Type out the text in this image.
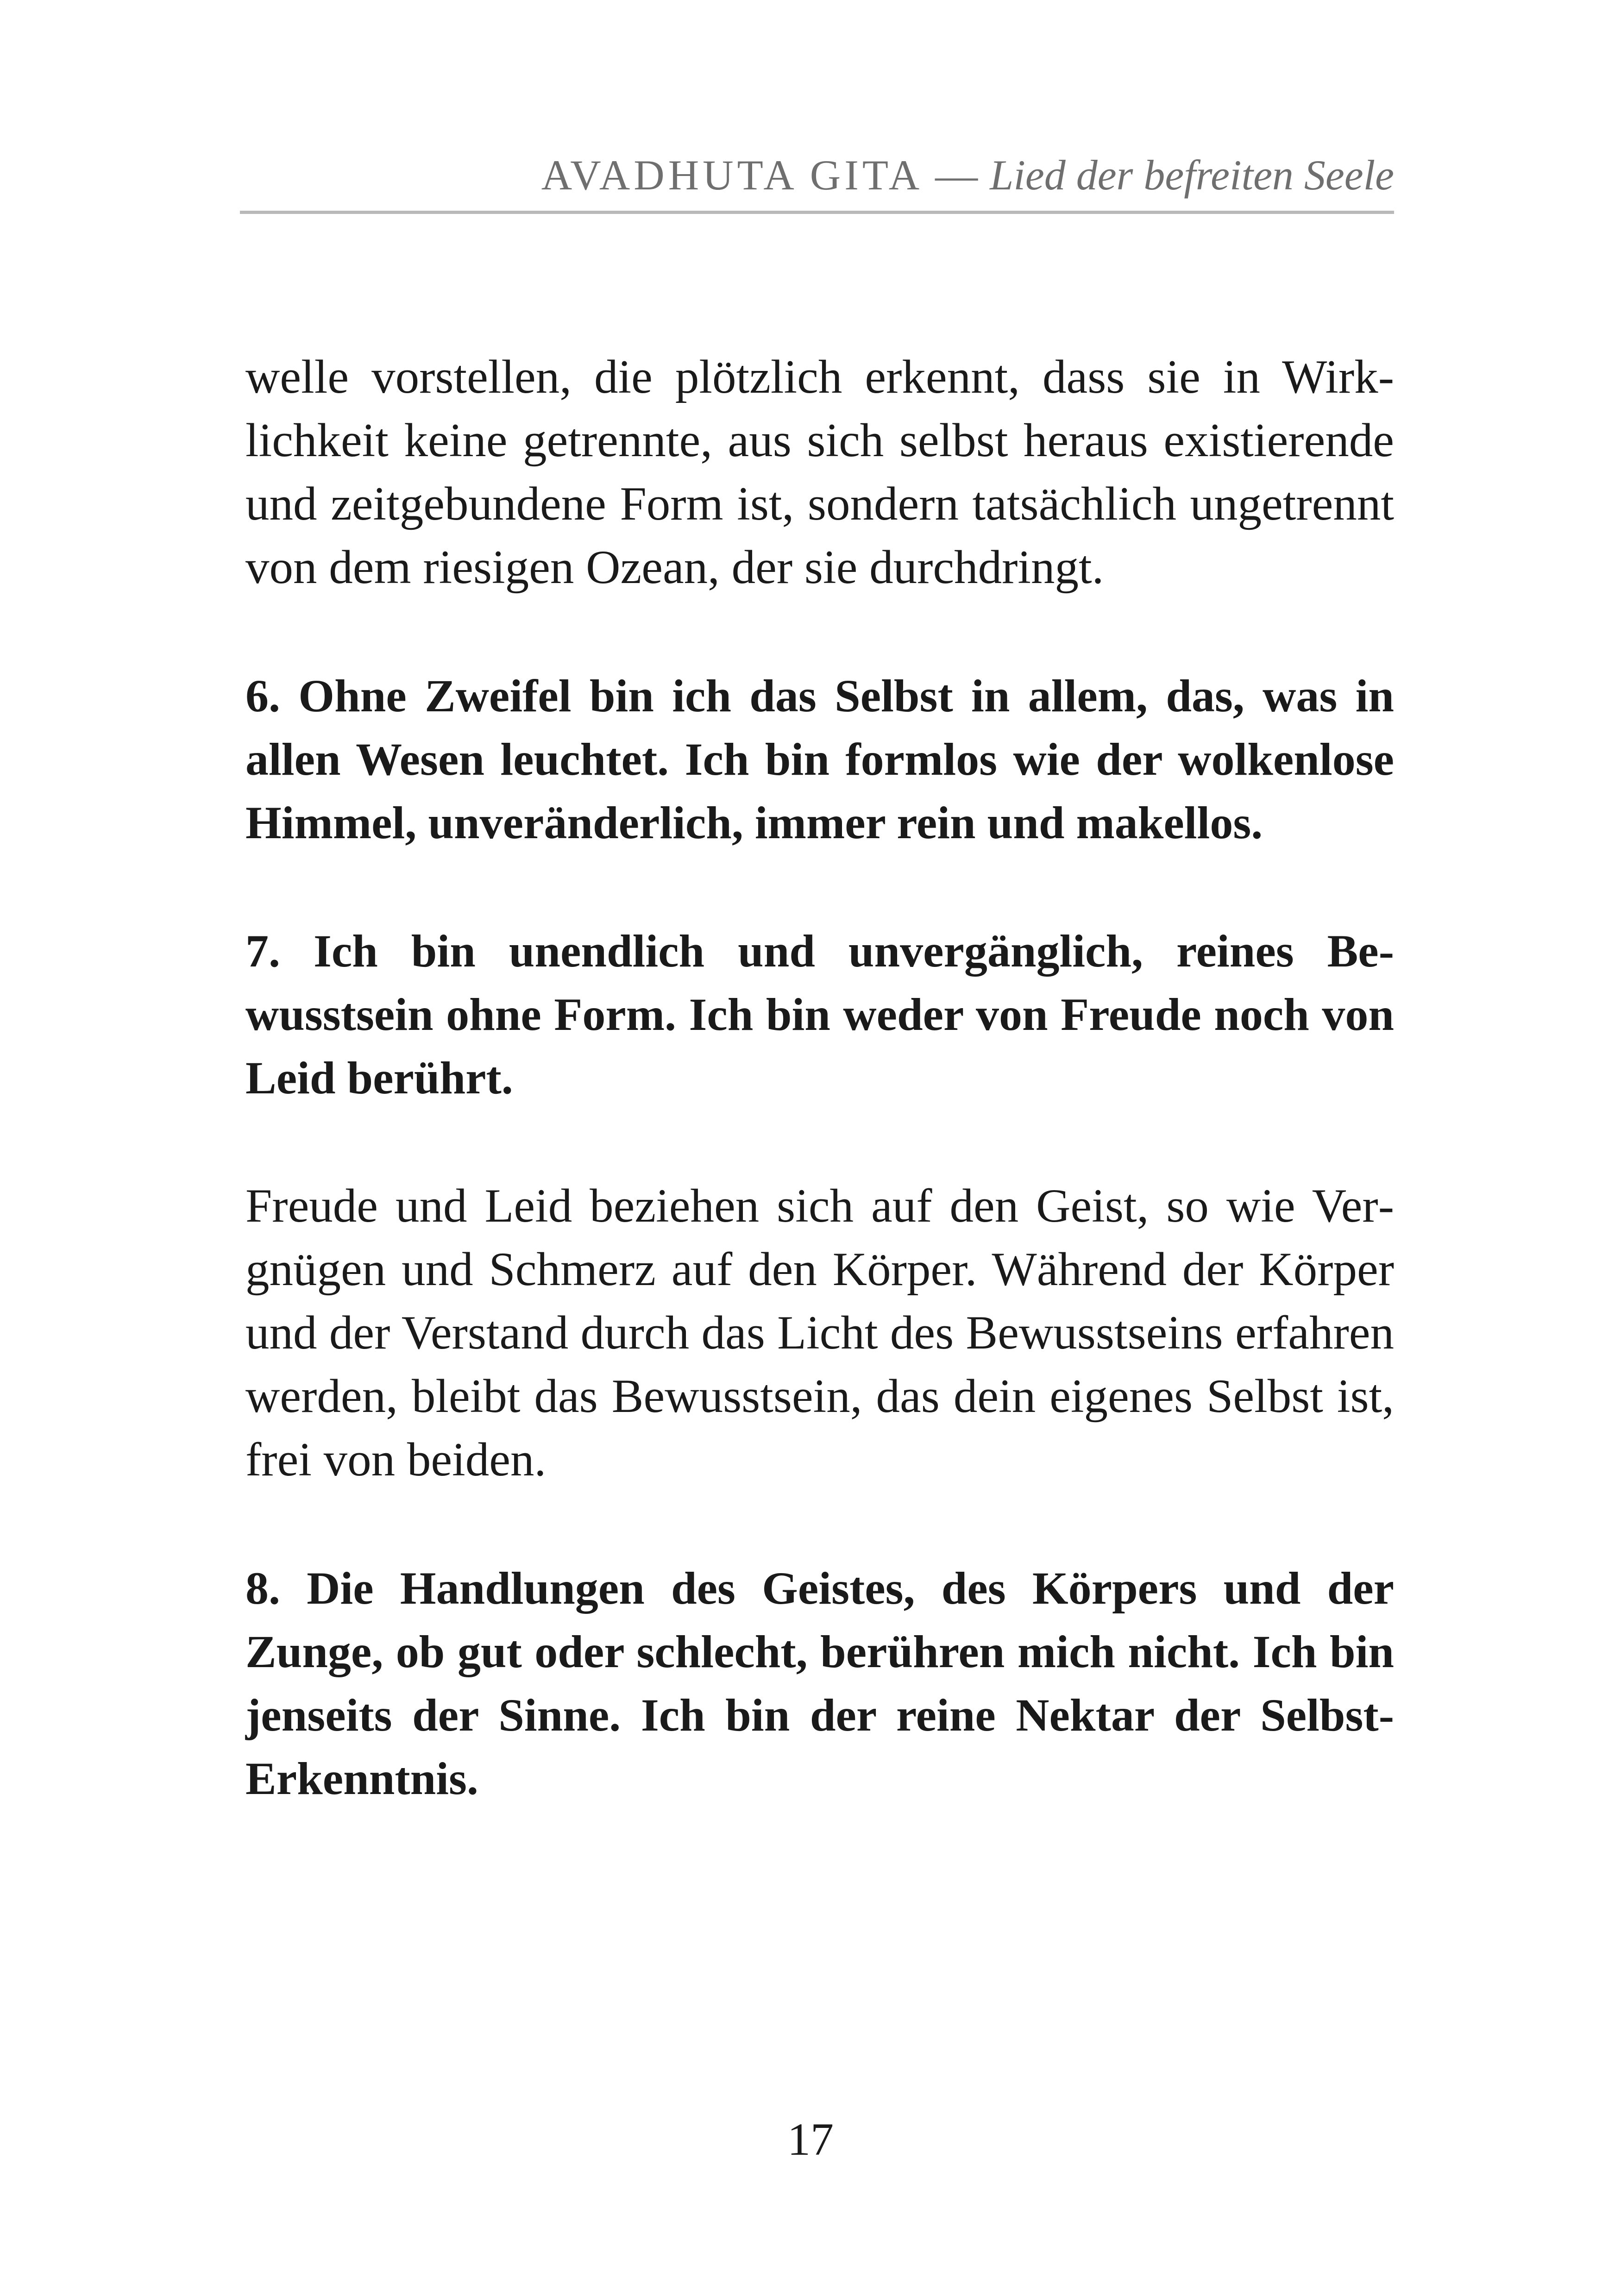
AVADHUTA GITA — Lied der befreiten Seele

welle vorstellen, die plötzlich erkennt, dass sie in Wirklichkeit keine getrennte, aus sich selbst heraus existierende und zeitgebundene Form ist, sondern tatsächlich ungetrennt von dem riesigen Ozean, der sie durchdringt.

6. Ohne Zweifel bin ich das Selbst in allem, das, was in allen Wesen leuchtet. Ich bin formlos wie der wolkenlose Himmel, unveränderlich, immer rein und makellos.

7. Ich bin unendlich und unvergänglich, reines Bewusstsein ohne Form. Ich bin weder von Freude noch von Leid berührt.

Freude und Leid beziehen sich auf den Geist, so wie Vergnügen und Schmerz auf den Körper. Während der Körper und der Verstand durch das Licht des Bewusstseins erfahren werden, bleibt das Bewusstsein, das dein eigenes Selbst ist, frei von beiden.

8. Die Handlungen des Geistes, des Körpers und der Zunge, ob gut oder schlecht, berühren mich nicht. Ich bin jenseits der Sinne. Ich bin der reine Nektar der Selbst-Erkenntnis.

17
